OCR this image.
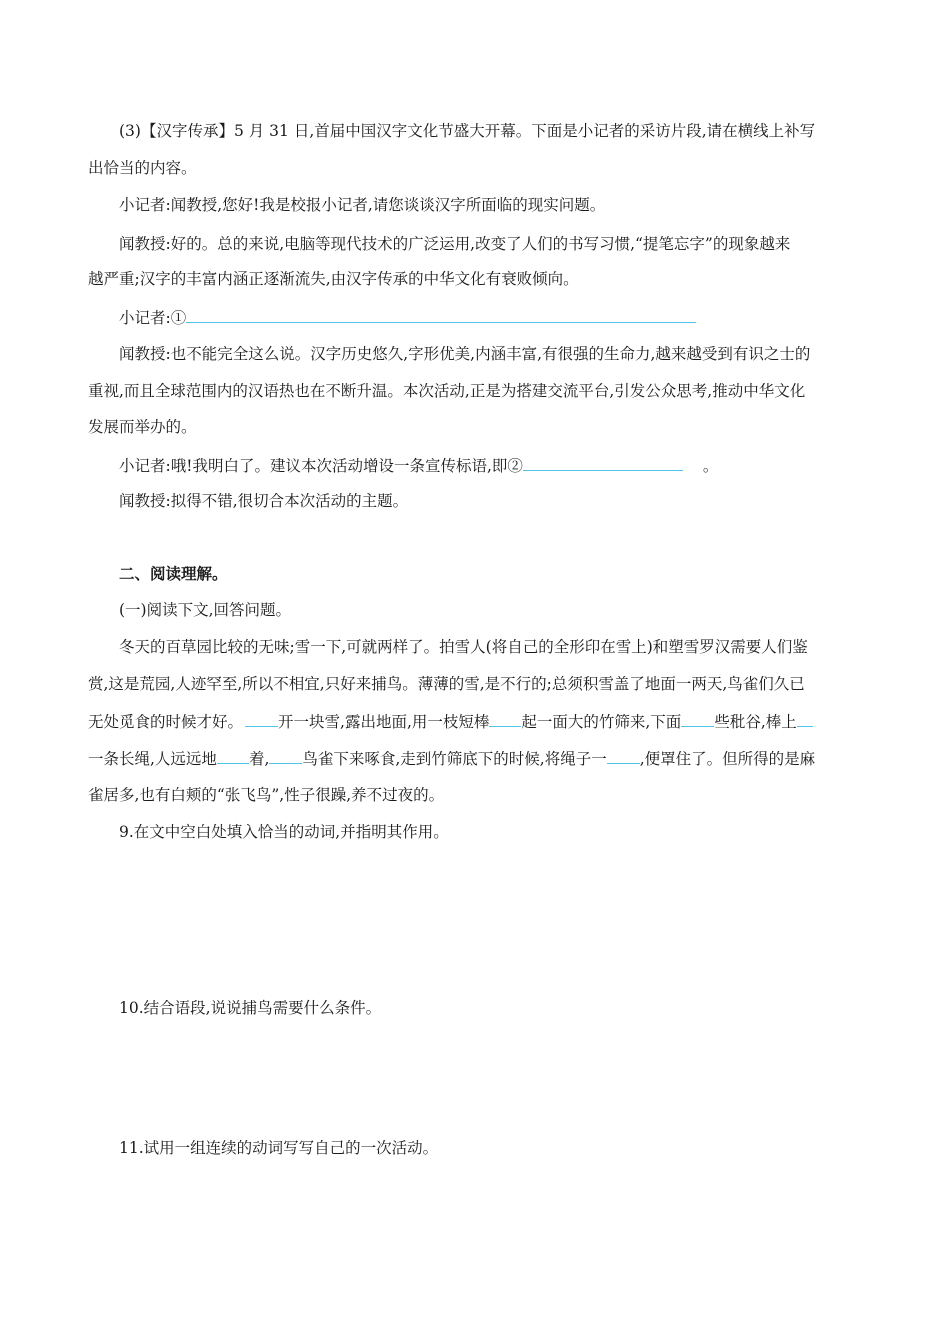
(3)【汉字传承】5 月 31 日,首届中国汉字文化节盛大开幕。下面是小记者的采访片段,请在横线上补写
出恰当的内容。
小记者:闻教授,您好!我是校报小记者,请您谈谈汉字所面临的现实问题。
闻教授:好的。总的来说,电脑等现代技术的广泛运用,改变了人们的书写习惯,“提笔忘字”的现象越来
越严重;汉字的丰富内涵正逐渐流失,由汉字传承的中华文化有衰败倾向。
小记者:①
闻教授:也不能完全这么说。汉字历史悠久,字形优美,内涵丰富,有很强的生命力,越来越受到有识之士的
重视,而且全球范围内的汉语热也在不断升温。本次活动,正是为搭建交流平台,引发公众思考,推动中华文化
发展而举办的。
小记者:哦!我明白了。建议本次活动增设一条宣传标语,即②	。
闻教授:拟得不错,很切合本次活动的主题。
二、阅读理解。
(一)阅读下文,回答问题。
冬天的百草园比较的无味;雪一下,可就两样了。拍雪人(将自己的全形印在雪上)和塑雪罗汉需要人们鉴
赏,这是荒园,人迹罕至,所以不相宜,只好来捕鸟。薄薄的雪,是不行的;总须积雪盖了地面一两天,鸟雀们久已
无处觅食的时候才好。 开一块雪,露出地面,用一枝短棒 起一面大的竹筛来,下面 些秕谷,棒上
一条长绳,人远远地 着, 鸟雀下来啄食,走到竹筛底下的时候,将绳子一 ,便罩住了。但所得的是麻
雀居多,也有白颊的“张飞鸟”,性子很躁,养不过夜的。
9.在文中空白处填入恰当的动词,并指明其作用。
10.结合语段,说说捕鸟需要什么条件。
11.试用一组连续的动词写写自己的一次活动。
